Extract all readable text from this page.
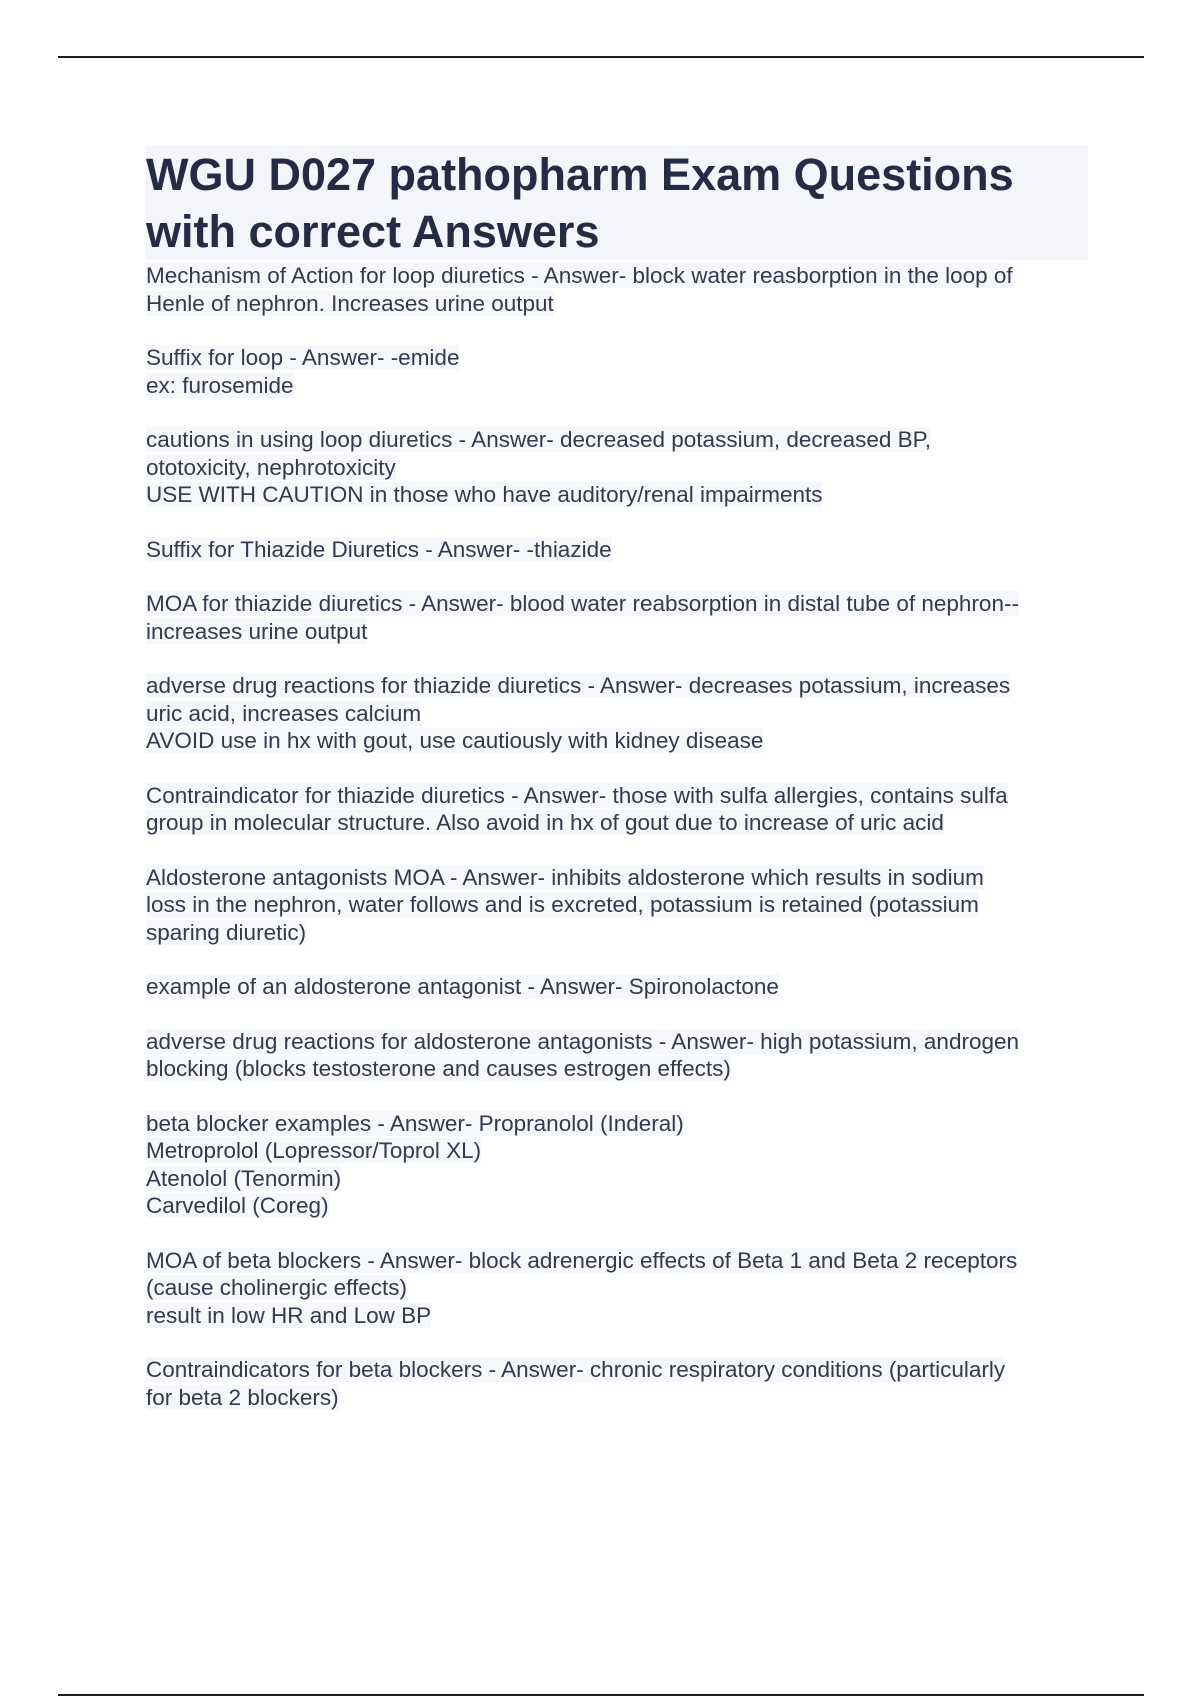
WGU D027 pathopharm Exam Questions with correct Answers

Mechanism of Action for loop diuretics - Answer- block water reasborption in the loop of
Henle of nephron. Increases urine output

Suffix for loop - Answer- -emide
ex: furosemide

cautions in using loop diuretics - Answer- decreased potassium, decreased BP,
ototoxicity, nephrotoxicity
USE WITH CAUTION in those who have auditory/renal impairments

Suffix for Thiazide Diuretics - Answer- -thiazide

MOA for thiazide diuretics - Answer- blood water reabsorption in distal tube of nephron--
increases urine output

adverse drug reactions for thiazide diuretics - Answer- decreases potassium, increases
uric acid, increases calcium
AVOID use in hx with gout, use cautiously with kidney disease

Contraindicator for thiazide diuretics - Answer- those with sulfa allergies, contains sulfa
group in molecular structure. Also avoid in hx of gout due to increase of uric acid

Aldosterone antagonists MOA - Answer- inhibits aldosterone which results in sodium
loss in the nephron, water follows and is excreted, potassium is retained (potassium
sparing diuretic)

example of an aldosterone antagonist - Answer- Spironolactone

adverse drug reactions for aldosterone antagonists - Answer- high potassium, androgen
blocking (blocks testosterone and causes estrogen effects)

beta blocker examples - Answer- Propranolol (Inderal)
Metroprolol (Lopressor/Toprol XL)
Atenolol (Tenormin)
Carvedilol (Coreg)

MOA of beta blockers - Answer- block adrenergic effects of Beta 1 and Beta 2 receptors
(cause cholinergic effects)
result in low HR and Low BP

Contraindicators for beta blockers - Answer- chronic respiratory conditions (particularly
for beta 2 blockers)
